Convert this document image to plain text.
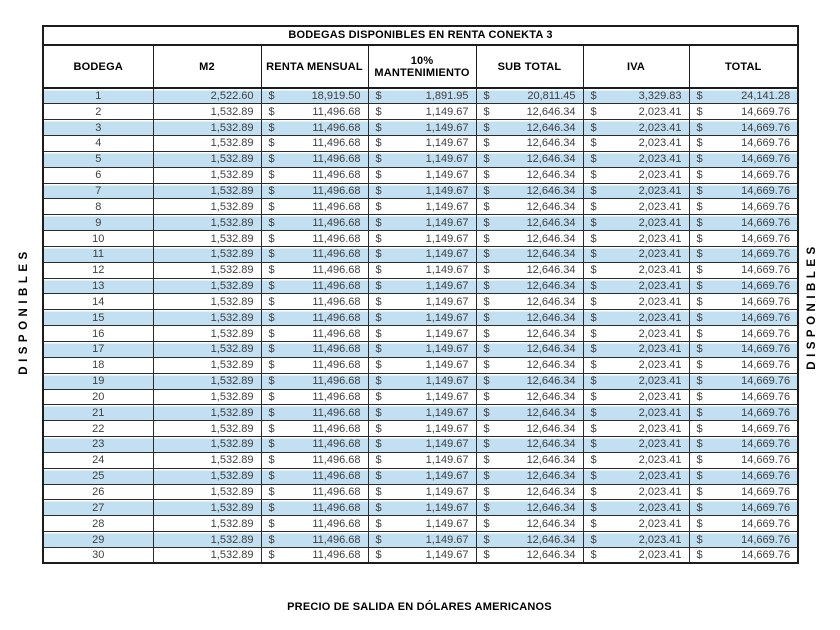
DISPONIBLES	DISPONIBLES
BODEGAS DISPONIBLES EN RENTA CONEKTA 3						
BODEGA	M2	RENTA MENSUAL	10% MANTENIMIENTO	SUB TOTAL	IVA	TOTAL
1	2,522.60	$ 18,919.50	$ 1,891.95	$ 20,811.45	$ 3,329.83	$ 24,141.28

2	1,532.89	$ 11,496.68	$ 1,149.67	$ 12,646.34	$ 2,023.41	$ 14,669.76

3	1,532.89	$ 11,496.68	$ 1,149.67	$ 12,646.34	$ 2,023.41	$ 14,669.76

4	1,532.89	$ 11,496.68	$ 1,149.67	$ 12,646.34	$ 2,023.41	$ 14,669.76

5	1,532.89	$ 11,496.68	$ 1,149.67	$ 12,646.34	$ 2,023.41	$ 14,669.76

6	1,532.89	$ 11,496.68	$ 1,149.67	$ 12,646.34	$ 2,023.41	$ 14,669.76

7	1,532.89	$ 11,496.68	$ 1,149.67	$ 12,646.34	$ 2,023.41	$ 14,669.76

8	1,532.89	$ 11,496.68	$ 1,149.67	$ 12,646.34	$ 2,023.41	$ 14,669.76

9	1,532.89	$ 11,496.68	$ 1,149.67	$ 12,646.34	$ 2,023.41	$ 14,669.76

10	1,532.89	$ 11,496.68	$ 1,149.67	$ 12,646.34	$ 2,023.41	$ 14,669.76

11	1,532.89	$ 11,496.68	$ 1,149.67	$ 12,646.34	$ 2,023.41	$ 14,669.76

12	1,532.89	$ 11,496.68	$ 1,149.67	$ 12,646.34	$ 2,023.41	$ 14,669.76

13	1,532.89	$ 11,496.68	$ 1,149.67	$ 12,646.34	$ 2,023.41	$ 14,669.76

14	1,532.89	$ 11,496.68	$ 1,149.67	$ 12,646.34	$ 2,023.41	$ 14,669.76

15	1,532.89	$ 11,496.68	$ 1,149.67	$ 12,646.34	$ 2,023.41	$ 14,669.76

16	1,532.89	$ 11,496.68	$ 1,149.67	$ 12,646.34	$ 2,023.41	$ 14,669.76

17	1,532.89	$ 11,496.68	$ 1,149.67	$ 12,646.34	$ 2,023.41	$ 14,669.76

18	1,532.89	$ 11,496.68	$ 1,149.67	$ 12,646.34	$ 2,023.41	$ 14,669.76

19	1,532.89	$ 11,496.68	$ 1,149.67	$ 12,646.34	$ 2,023.41	$ 14,669.76

20	1,532.89	$ 11,496.68	$ 1,149.67	$ 12,646.34	$ 2,023.41	$ 14,669.76

21	1,532.89	$ 11,496.68	$ 1,149.67	$ 12,646.34	$ 2,023.41	$ 14,669.76

22	1,532.89	$ 11,496.68	$ 1,149.67	$ 12,646.34	$ 2,023.41	$ 14,669.76

23	1,532.89	$ 11,496.68	$ 1,149.67	$ 12,646.34	$ 2,023.41	$ 14,669.76

24	1,532.89	$ 11,496.68	$ 1,149.67	$ 12,646.34	$ 2,023.41	$ 14,669.76

25	1,532.89	$ 11,496.68	$ 1,149.67	$ 12,646.34	$ 2,023.41	$ 14,669.76

26	1,532.89	$ 11,496.68	$ 1,149.67	$ 12,646.34	$ 2,023.41	$ 14,669.76

27	1,532.89	$ 11,496.68	$ 1,149.67	$ 12,646.34	$ 2,023.41	$ 14,669.76

28	1,532.89	$ 11,496.68	$ 1,149.67	$ 12,646.34	$ 2,023.41	$ 14,669.76

29	1,532.89	$ 11,496.68	$ 1,149.67	$ 12,646.34	$ 2,023.41	$ 14,669.76

30	1,532.89	$ 11,496.68	$ 1,149.67	$ 12,646.34	$ 2,023.41	$ 14,669.76
PRECIO DE SALIDA EN DÓLARES AMERICANOS
